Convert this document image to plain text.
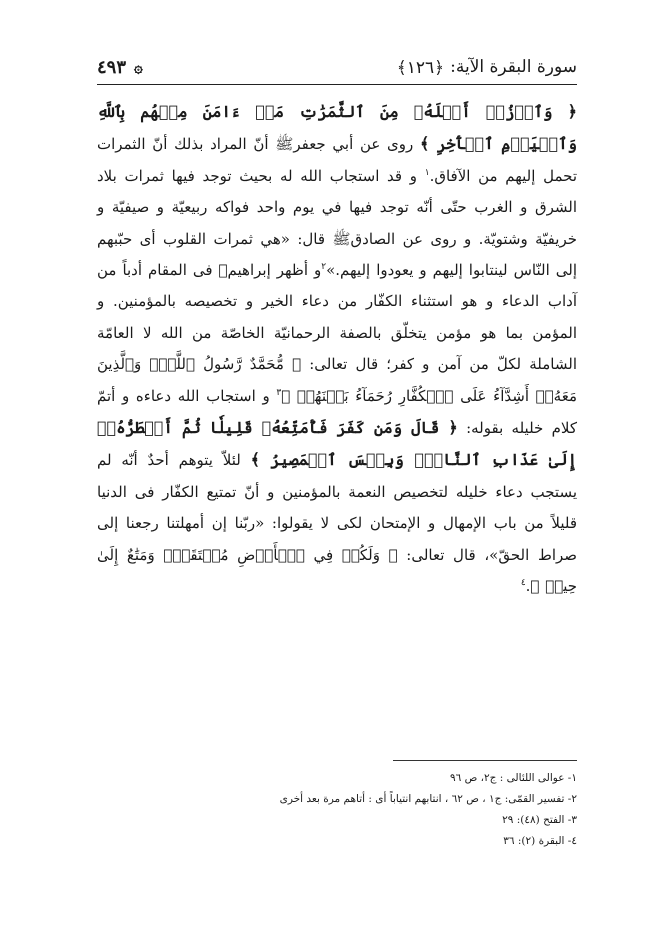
سورة البقرة الآية:
﴿١٢٦﴾
۞
٤٩٣
﴿ وَٱرۡزُقۡ أَهۡلَهُۥ مِنَ ٱلثَّمَرَٰتِ مَنۡ ءَامَنَ مِنۡهُم بِٱللَّهِ وَٱلۡيَوۡمِ ٱلۡأٓخِرِ ﴾ روى عن أبي جعفرﷺ أنّ المراد بذلك أنّ الثمرات تحمل إليهم من الآفاق.$^١$ و قد استجاب الله له بحيث توجد فيها ثمرات بلاد الشرق و الغرب حتّى أنّه توجد فيها في يوم واحد فواكه ربيعيّة و صيفيّة و خريفيّة وشتويّة. و روى عن الصادقﷺ قال: «هي ثمرات القلوب أى حبّبهم إلى النّاس لينتابوا إليهم و يعودوا إليهم.»$^٢$و أظهر إبراهيمﷺ فى المقام أدباً من آداب الدعاء و هو استثناء الكفّار من دعاء الخير و تخصيصه بالمؤمنين. و المؤمن بما هو مؤمن يتخلّق بالصفة الرحمانيّة الخاصّة من الله لا العامّة الشاملة لكلّ من آمن و كفر؛ قال تعالى: ﴿ مُّحَمَّدٌ رَّسُولُ ٱللَّهِۚ وَٱلَّذِينَ مَعَهُۥٓ أَشِدَّآءُ عَلَى ٱلۡكُفَّارِ رُحَمَآءُ بَيۡنَهُمۡ ﴾$^٣$ و استجاب الله دعاءه و أتمّ كلام خليله بقوله: ﴿ قَالَ وَمَن كَفَرَ فَأُمَتِّعُهُۥ قَلِيلٗا ثُمَّ أَضۡطَرُّهُۥٓ إِلَىٰ عَذَابِ ٱلنَّارِۖ وَبِئۡسَ ٱلۡمَصِيرُ ﴾ لئلاّ يتوهم أحدٌ أنّه لم يستجب دعاء خليله لتخصيص النعمة بالمؤمنين و أنّ تمتيع الكفّار فى الدنيا قليلاً من باب الإمهال و الإمتحان لكى لا يقولوا: «ربّنا إن أمهلتنا رجعنا إلى صراط الحقّ»، قال تعالى: ﴿ وَلَكُمۡ فِي ٱلۡأَرۡضِ مُسۡتَقَرّٞ وَمَتَٰعٌ إِلَىٰ حِينٖ ﴾.$^٤$
١- عوالى اللئالى : ج٢، ص ٩٦
٢- تفسير القمّى: ج١ ، ص ٦٢ ، انتابهم انتياباً أى : أتاهم مرة بعد أخرى
٣- الفتح (٤٨): ٢٩
٤- البقرة (٢): ٣٦
